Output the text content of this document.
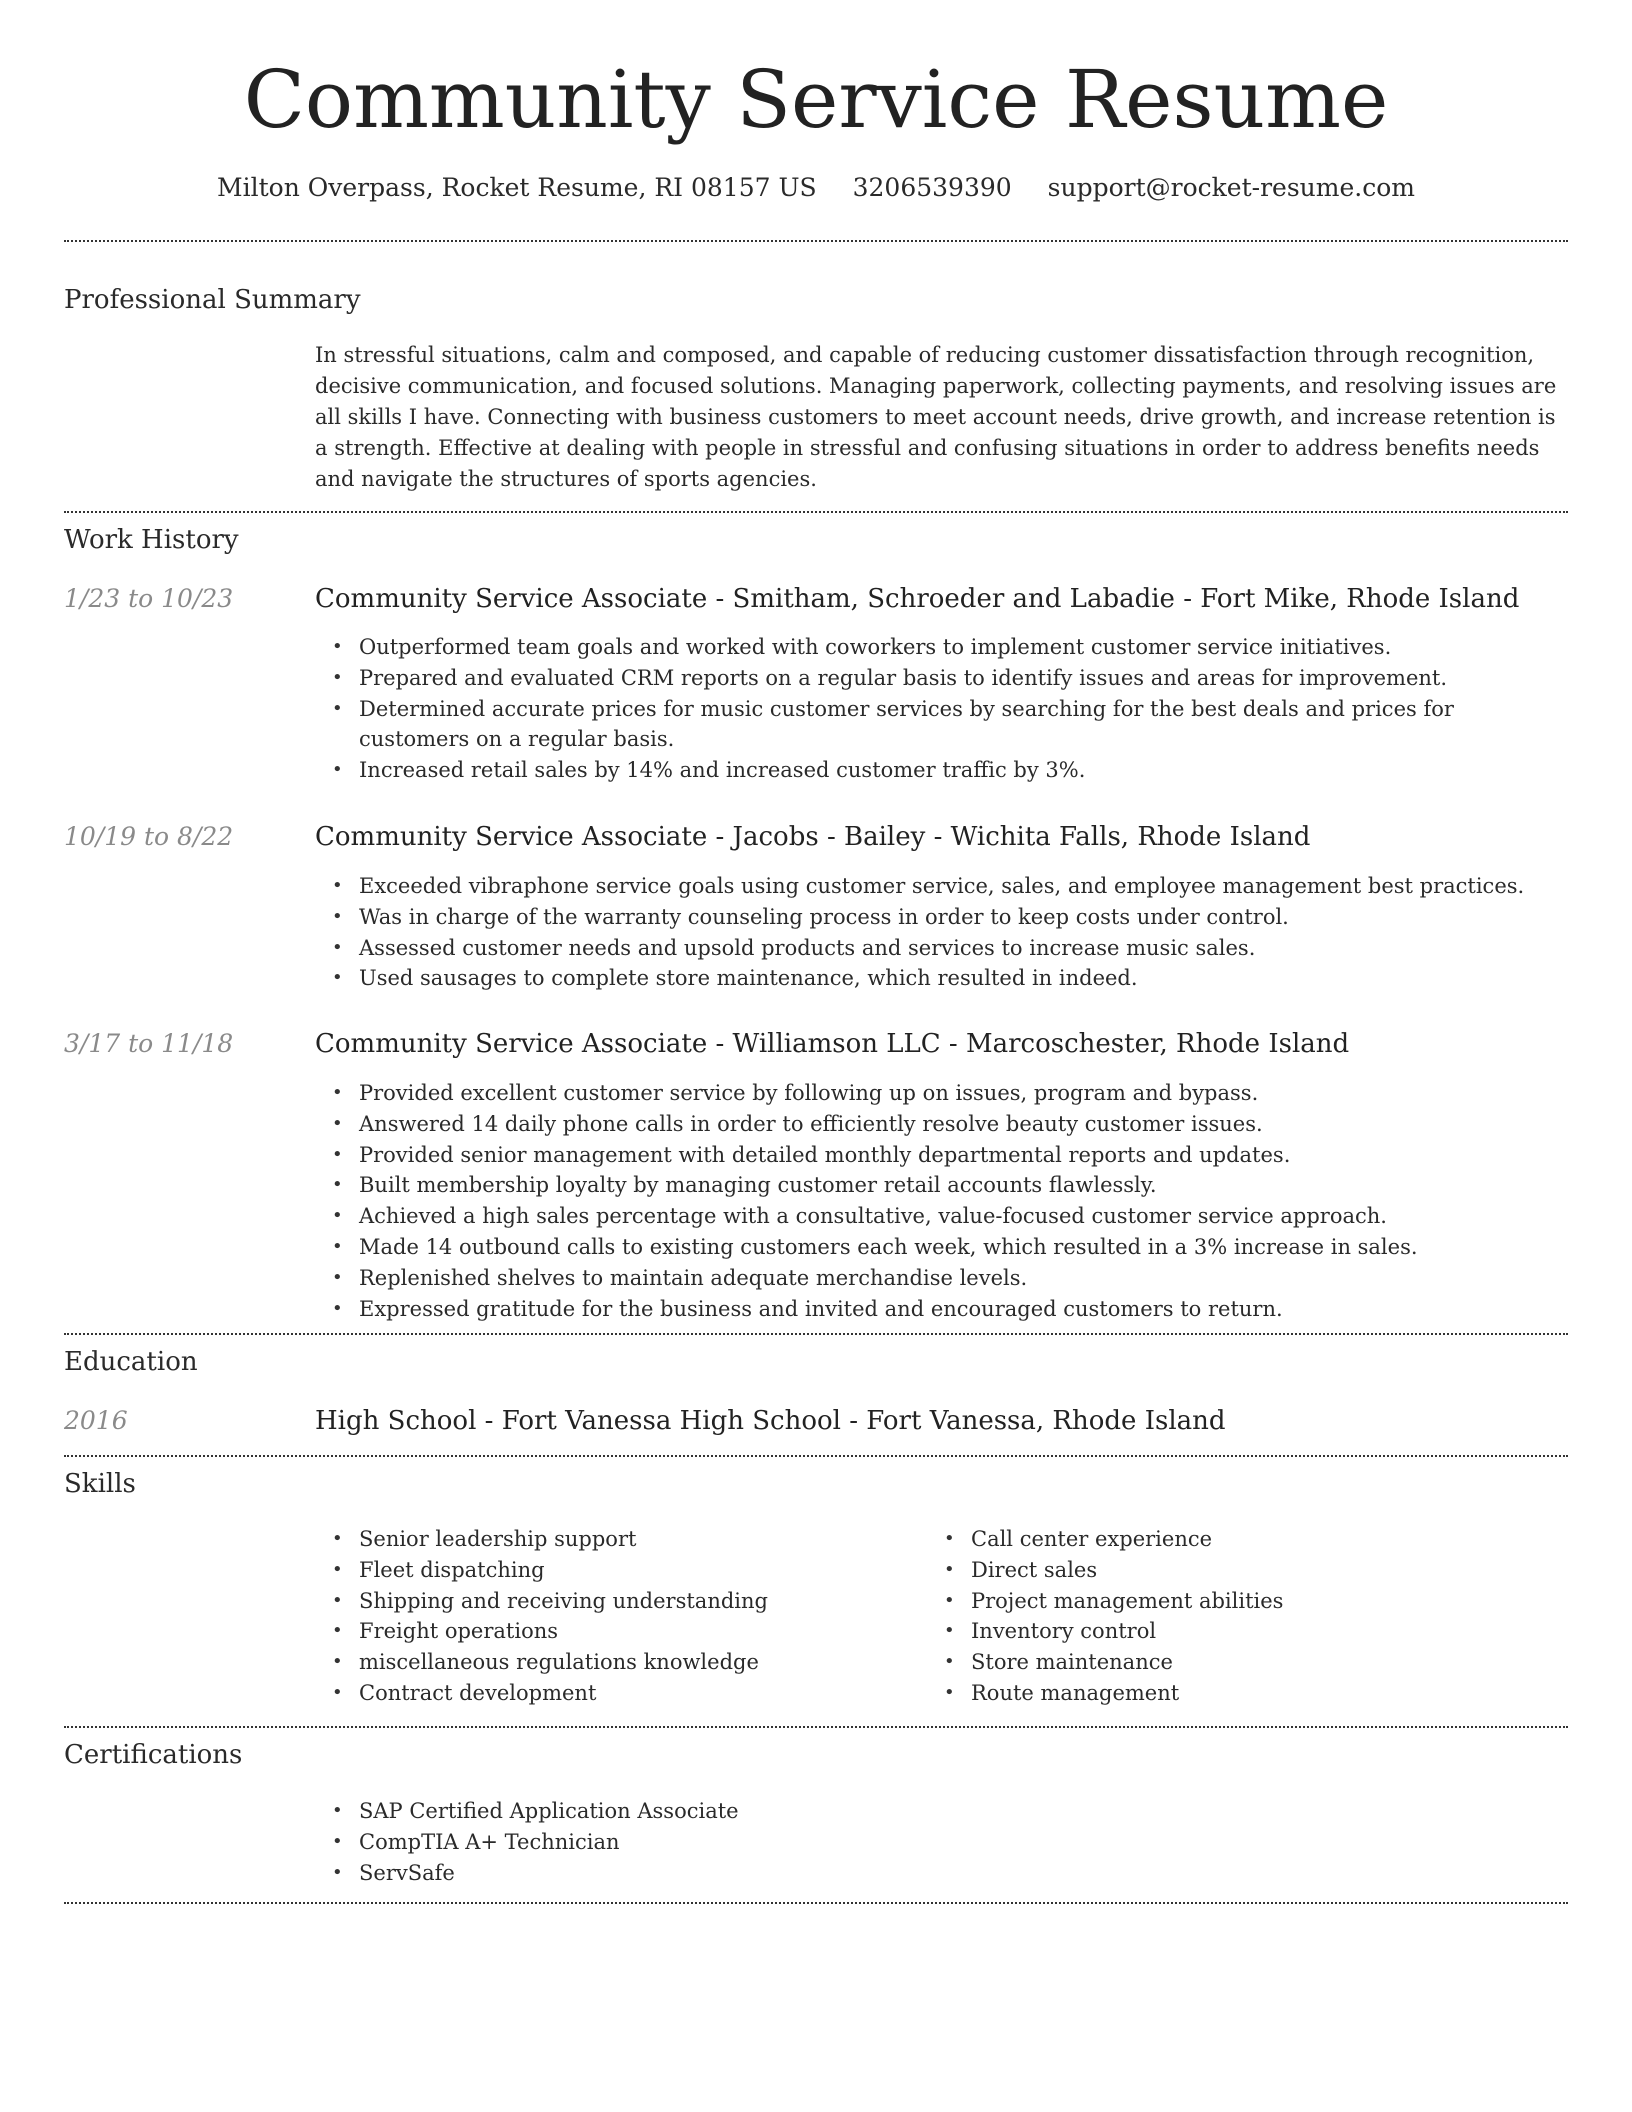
Community Service Resume
Milton Overpass, Rocket Resume, RI 08157 US 3206539390 support@rocket-resume.com
Professional Summary
In stressful situations, calm and composed, and capable of reducing customer dissatisfaction through recognition, decisive communication, and focused solutions. Managing paperwork, collecting payments, and resolving issues are all skills I have. Connecting with business customers to meet account needs, drive growth, and increase retention is a strength. Effective at dealing with people in stressful and confusing situations in order to address benefits needs and navigate the structures of sports agencies.
Work History
1/23 to 10/23	Community Service Associate - Smitham, Schroeder and Labadie - Fort Mike, Rhode Island
• Outperformed team goals and worked with coworkers to implement customer service initiatives.
• Prepared and evaluated CRM reports on a regular basis to identify issues and areas for improvement.
• Determined accurate prices for music customer services by searching for the best deals and prices for customers on a regular basis.
• Increased retail sales by 14% and increased customer traffic by 3%.
10/19 to 8/22	Community Service Associate - Jacobs - Bailey - Wichita Falls, Rhode Island
• Exceeded vibraphone service goals using customer service, sales, and employee management best practices.
• Was in charge of the warranty counseling process in order to keep costs under control.
• Assessed customer needs and upsold products and services to increase music sales.
• Used sausages to complete store maintenance, which resulted in indeed.
3/17 to 11/18	Community Service Associate - Williamson LLC - Marcoschester, Rhode Island
• Provided excellent customer service by following up on issues, program and bypass.
• Answered 14 daily phone calls in order to efficiently resolve beauty customer issues.
• Provided senior management with detailed monthly departmental reports and updates.
• Built membership loyalty by managing customer retail accounts flawlessly.
• Achieved a high sales percentage with a consultative, value-focused customer service approach.
• Made 14 outbound calls to existing customers each week, which resulted in a 3% increase in sales.
• Replenished shelves to maintain adequate merchandise levels.
• Expressed gratitude for the business and invited and encouraged customers to return.
Education
2016	High School - Fort Vanessa High School - Fort Vanessa, Rhode Island
Skills
• Senior leadership support
• Fleet dispatching
• Shipping and receiving understanding
• Freight operations
• miscellaneous regulations knowledge
• Contract development
• Call center experience
• Direct sales
• Project management abilities
• Inventory control
• Store maintenance
• Route management
Certifications
• SAP Certified Application Associate
• CompTIA A+ Technician
• ServSafe
